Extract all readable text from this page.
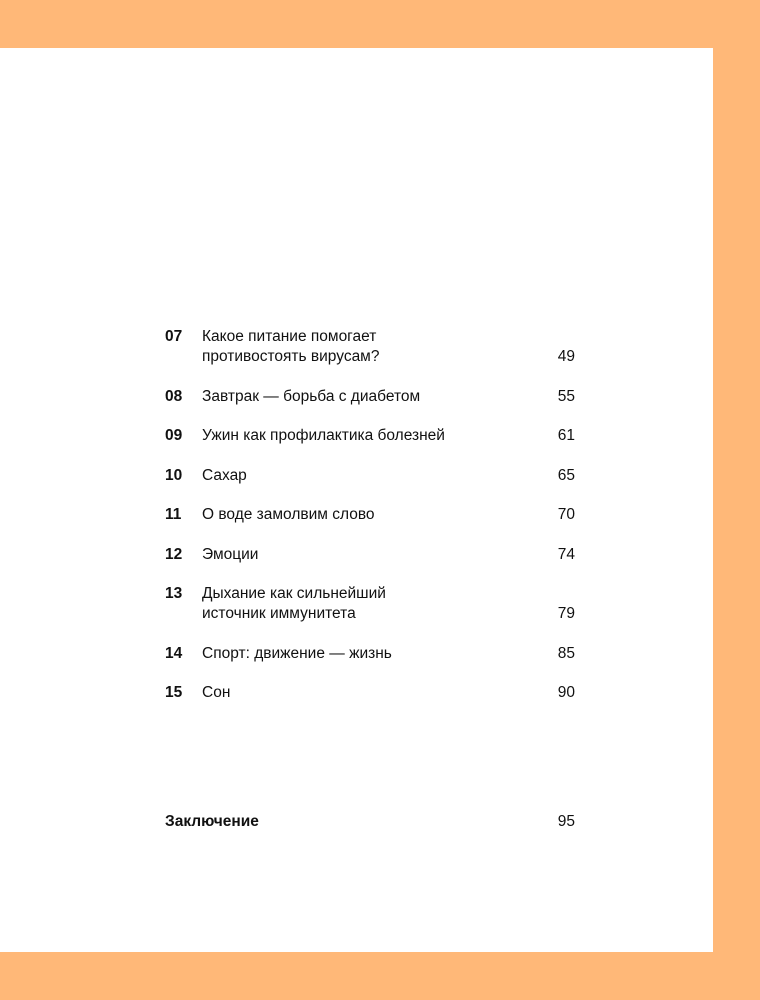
07 Какое питание помогает
противостоять вирусам?	49
08 Завтрак — борьба с диабетом	55
09 Ужин как профилактика болезней	61
10 Сахар	65
11 О воде замолвим слово	70
12 Эмоции	74
13 Дыхание как сильнейший
источник иммунитета	79
14 Спорт: движение — жизнь	85
15 Сон	90
Заключение	95
